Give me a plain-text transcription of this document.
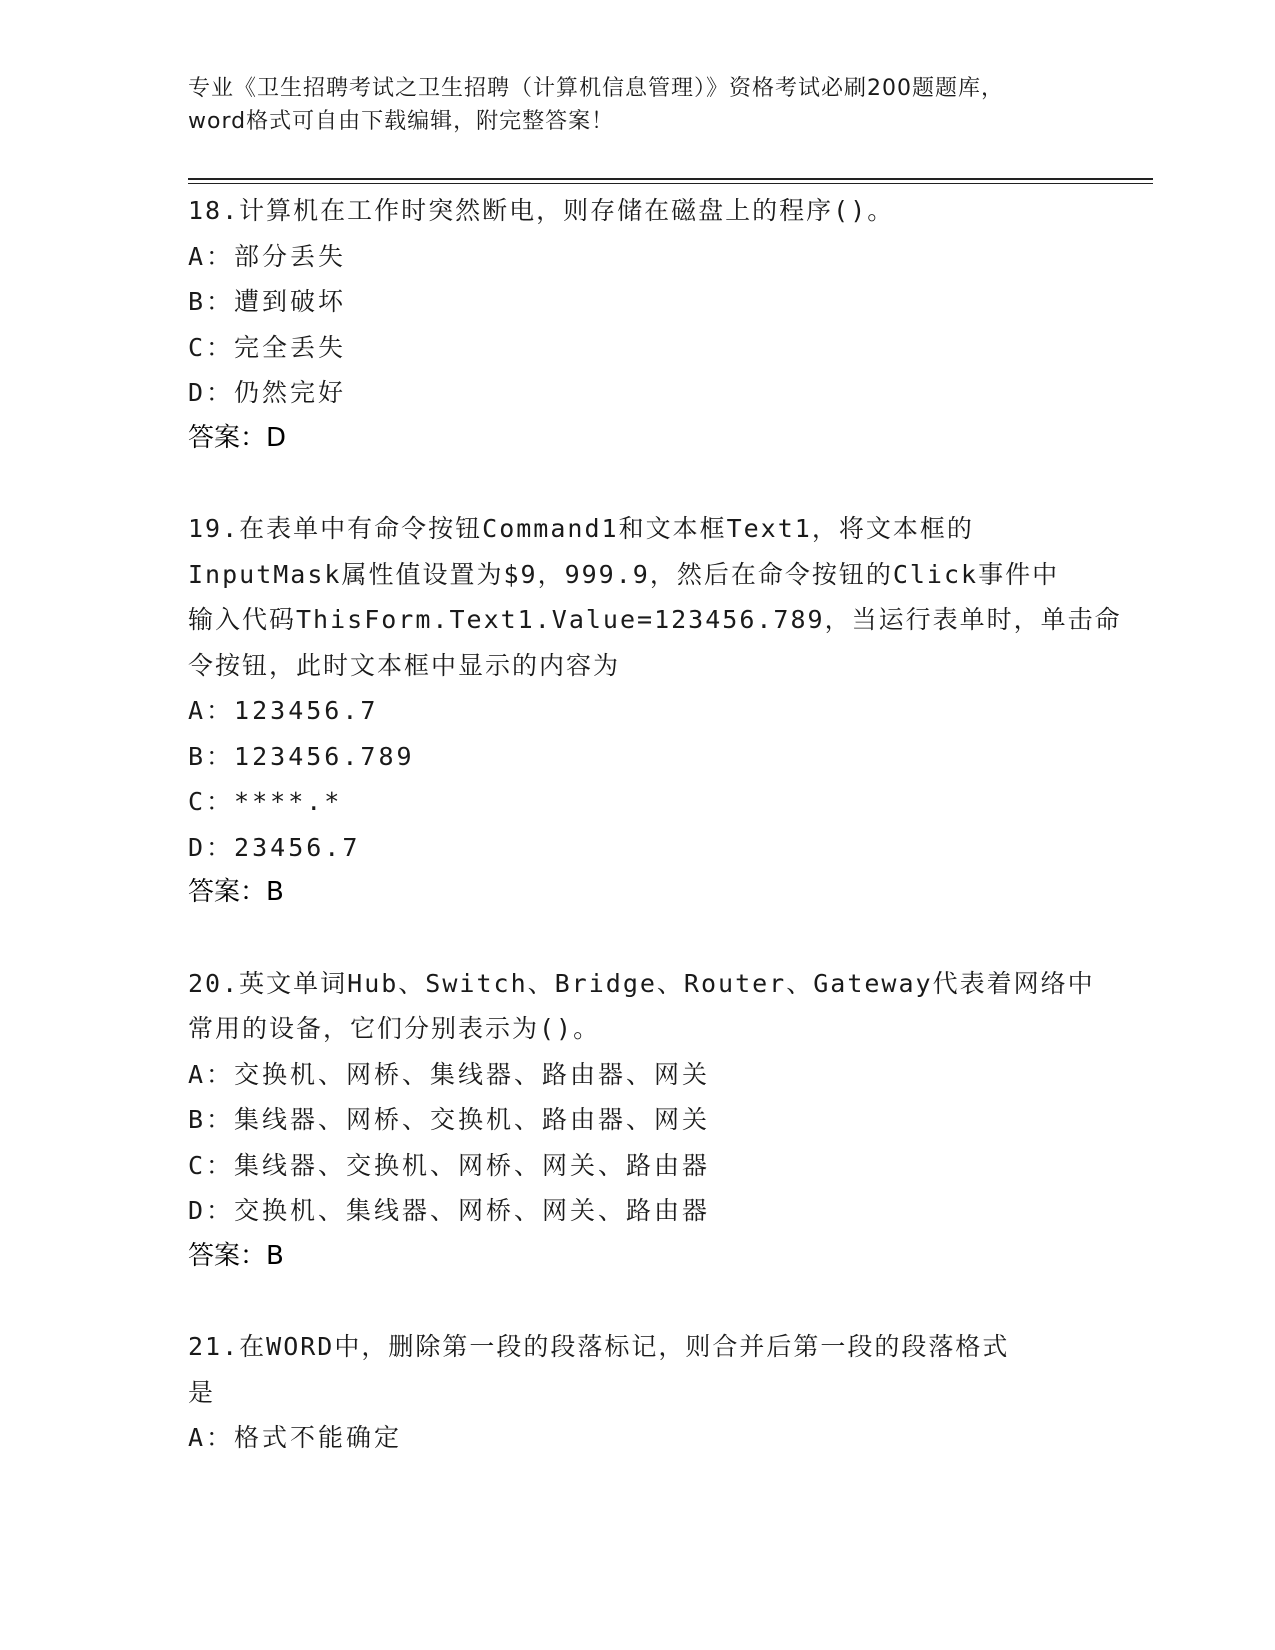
专业《卫生招聘考试之卫生招聘（计算机信息管理）》资格考试必刷200题题库，
word格式可自由下载编辑，附完整答案！
18.计算机在工作时突然断电，则存储在磁盘上的程序()。
A：部分丢失
B：遭到破坏
C：完全丢失
D：仍然完好
答案：D
19.在表单中有命令按钮Command1和文本框Text1，将文本框的
InputMask属性值设置为$9，999.9，然后在命令按钮的Click事件中
输入代码ThisForm.Text1.Value=123456.789，当运行表单时，单击命
令按钮，此时文本框中显示的内容为
A：123456.7
B：123456.789
C：****.*
D：23456.7
答案：B
20.英文单词Hub、Switch、Bridge、Router、Gateway代表着网络中
常用的设备，它们分别表示为()。
A：交换机、网桥、集线器、路由器、网关
B：集线器、网桥、交换机、路由器、网关
C：集线器、交换机、网桥、网关、路由器
D：交换机、集线器、网桥、网关、路由器
答案：B
21.在WORD中，删除第一段的段落标记，则合并后第一段的段落格式
是
A：格式不能确定
